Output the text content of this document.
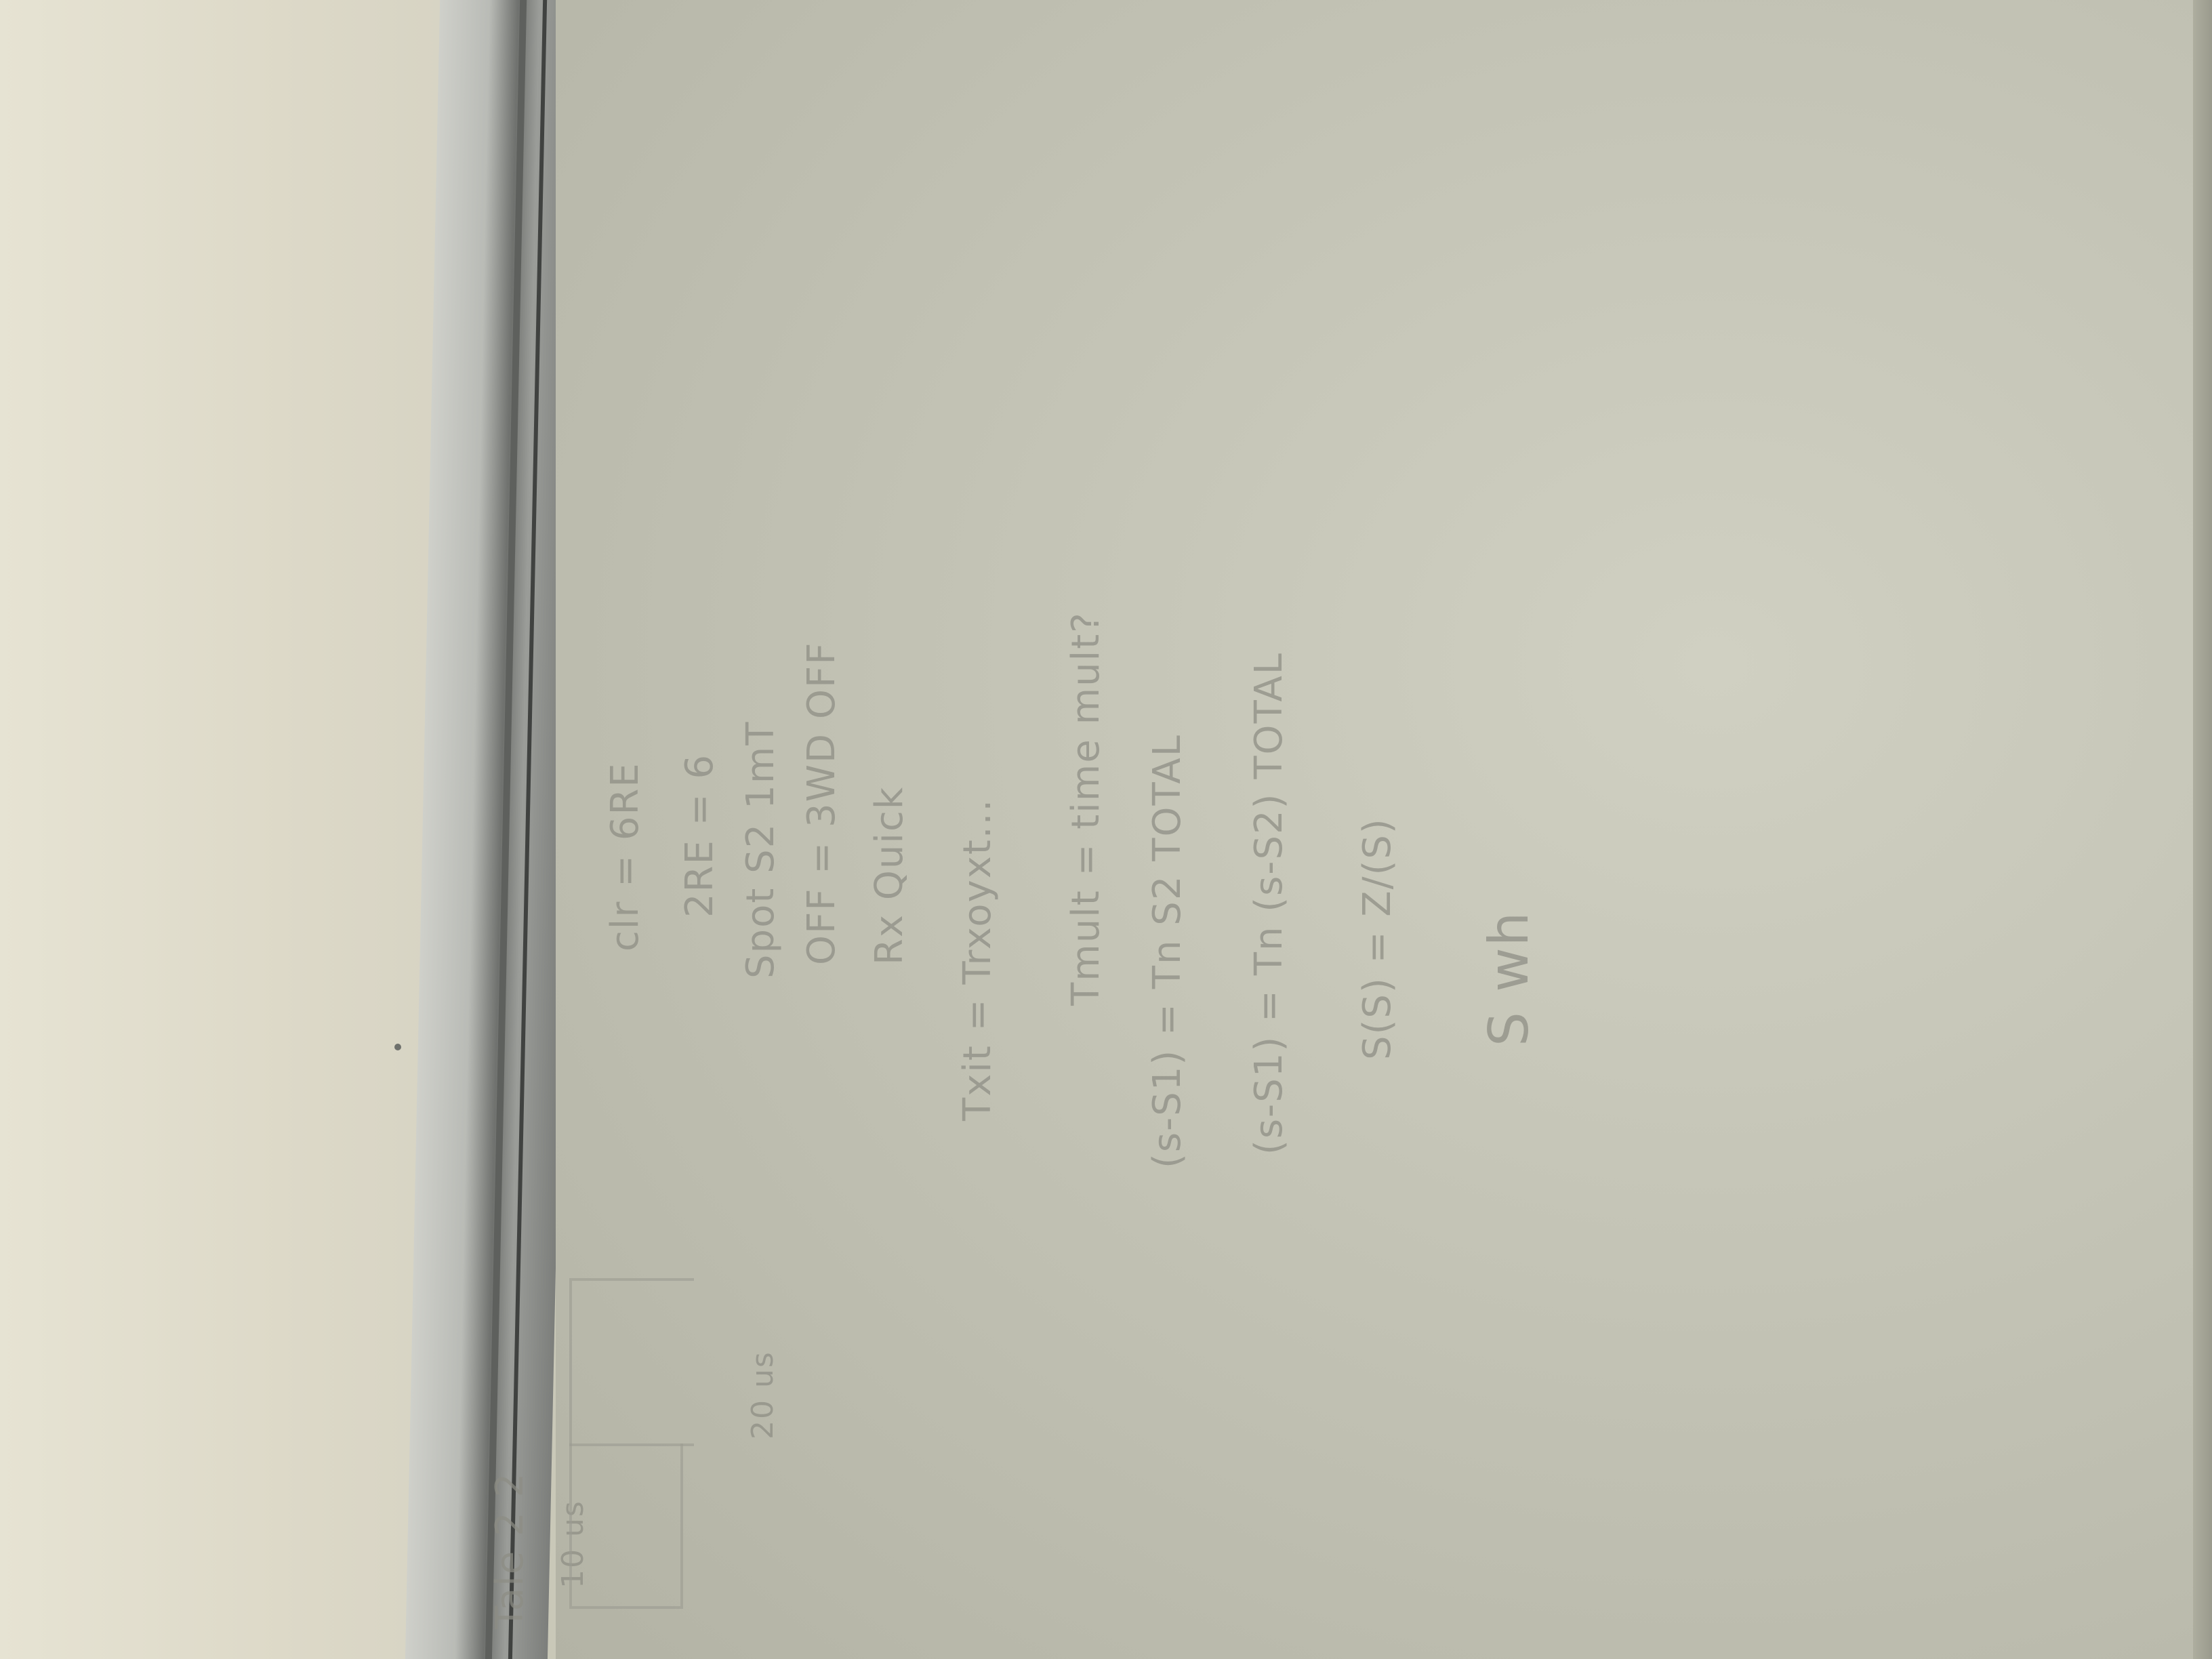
S wh
S(S) = Z/(S)
(s-S1) = Tn (s-S2) TOTAL
(s-S1) = Tn S2 TOTAL
Tmult = time mult?
Txit = Trxoyxt...
Rx Quick
OFF = 3WD OFF
Spot S2 1mT
2RE = 6
clr = 6RE
Tale 2 2
20 us
10 us
